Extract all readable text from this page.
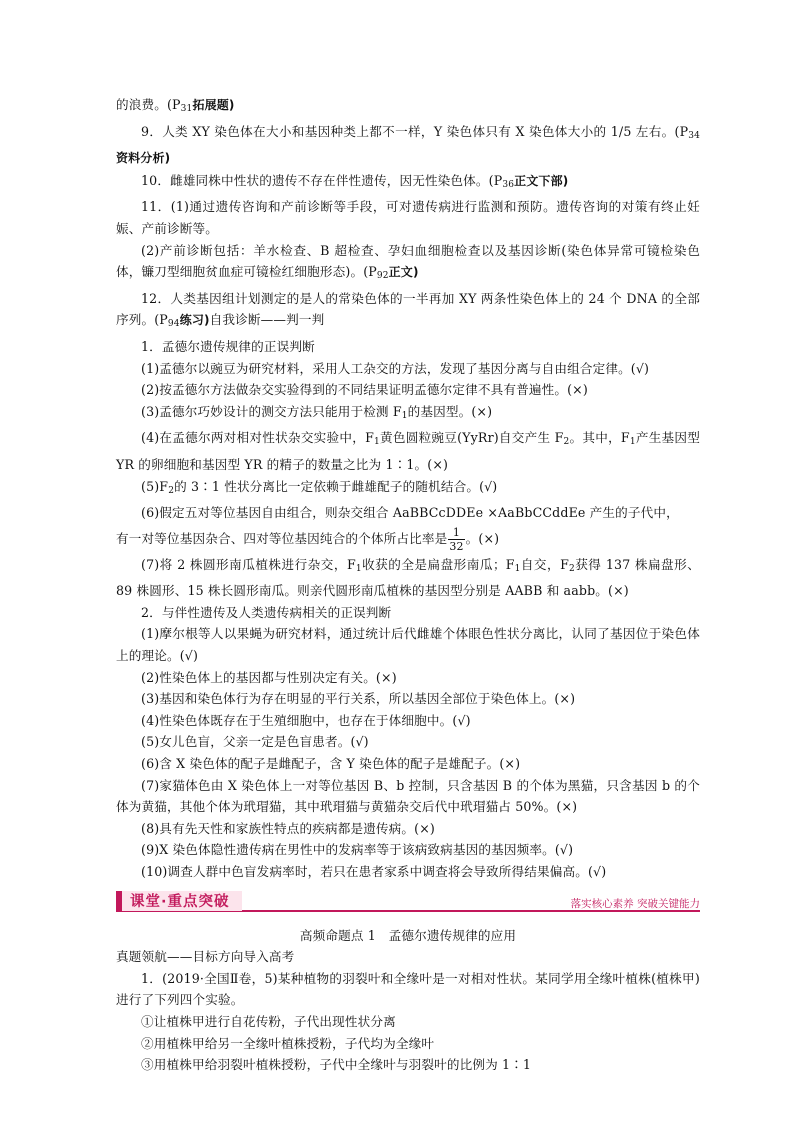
的浪费。($P_{31}$拓展题)

9．人类 XY 染色体在大小和基因种类上都不一样，Y 染色体只有 X 染色体大小的 1/5 左右。($P_{34}$资料分析)

10．雌雄同株中性状的遗传不存在伴性遗传，因无性染色体。($P_{36}$正文下部)

11．(1)通过遗传咨询和产前诊断等手段，可对遗传病进行监测和预防。遗传咨询的对策有终止妊娠、产前诊断等。

(2)产前诊断包括：羊水检查、B 超检查、孕妇血细胞检查以及基因诊断(染色体异常可镜检染色体，镰刀型细胞贫血症可镜检红细胞形态)。($P_{92}$正文)

12．人类基因组计划测定的是人的常染色体的一半再加 XY 两条性染色体上的 24 个 DNA 的全部序列。($P_{94}$练习)自我诊断——判一判

1．孟德尔遗传规律的正误判断

(1)孟德尔以豌豆为研究材料，采用人工杂交的方法，发现了基因分离与自由组合定律。(√)

(2)按孟德尔方法做杂交实验得到的不同结果证明孟德尔定律不具有普遍性。(×)

(3)孟德尔巧妙设计的测交方法只能用于检测 $F_1$的基因型。(×)

(4)在孟德尔两对相对性状杂交实验中，$F_1$黄色圆粒豌豆(YyRr)自交产生 $F_2$。其中，$F_1$产生基因型 YR 的卵细胞和基因型 YR 的精子的数量之比为 1∶1。(×)

$(5)F_2$的 3∶1 性状分离比一定依赖于雌雄配子的随机结合。(√)

(6)假定五对等位基因自由组合，则杂交组合 AaBBCcDDEe ×AaBbCCddEe 产生的子代中，

有一对等位基因杂合、四对等位基因纯合的个体所占比率是 $\frac{1}{32}$ 。(×)

(7)将 2 株圆形南瓜植株进行杂交，$F_1$收获的全是扁盘形南瓜；$F_1$自交，$F_2$获得 137 株扁盘形、89 株圆形、15 株长圆形南瓜。则亲代圆形南瓜植株的基因型分别是 AABB 和 aabb。(×)

2．与伴性遗传及人类遗传病相关的正误判断

(1)摩尔根等人以果蝇为研究材料，通过统计后代雌雄个体眼色性状分离比，认同了基因位于染色体上的理论。(√)

(2)性染色体上的基因都与性别决定有关。(×)

(3)基因和染色体行为存在明显的平行关系，所以基因全部位于染色体上。(×)

(4)性染色体既存在于生殖细胞中，也存在于体细胞中。(√)

(5)女儿色盲，父亲一定是色盲患者。(√)

(6)含 X 染色体的配子是雌配子，含 Y 染色体的配子是雄配子。(×)

(7)家猫体色由 X 染色体上一对等位基因 B、b 控制，只含基因 B 的个体为黑猫，只含基因 b 的个体为黄猫，其他个体为玳瑁猫，其中玳瑁猫与黄猫杂交后代中玳瑁猫占 50%。(×)

(8)具有先天性和家族性特点的疾病都是遗传病。(×)

(9)X 染色体隐性遗传病在男性中的发病率等于该病致病基因的基因频率。(√)

(10)调查人群中色盲发病率时，若只在患者家系中调查将会导致所得结果偏高。(√)

课堂·重点突破	落实核心素养 突破关键能力

高频命题点 1　孟德尔遗传规律的应用

真题领航——目标方向导入高考

1．(2019·全国Ⅱ卷，5)某种植物的羽裂叶和全缘叶是一对相对性状。某同学用全缘叶植株(植株甲)进行了下列四个实验。

①让植株甲进行自花传粉，子代出现性状分离

②用植株甲给另一全缘叶植株授粉，子代均为全缘叶

③用植株甲给羽裂叶植株授粉，子代中全缘叶与羽裂叶的比例为 1∶1
